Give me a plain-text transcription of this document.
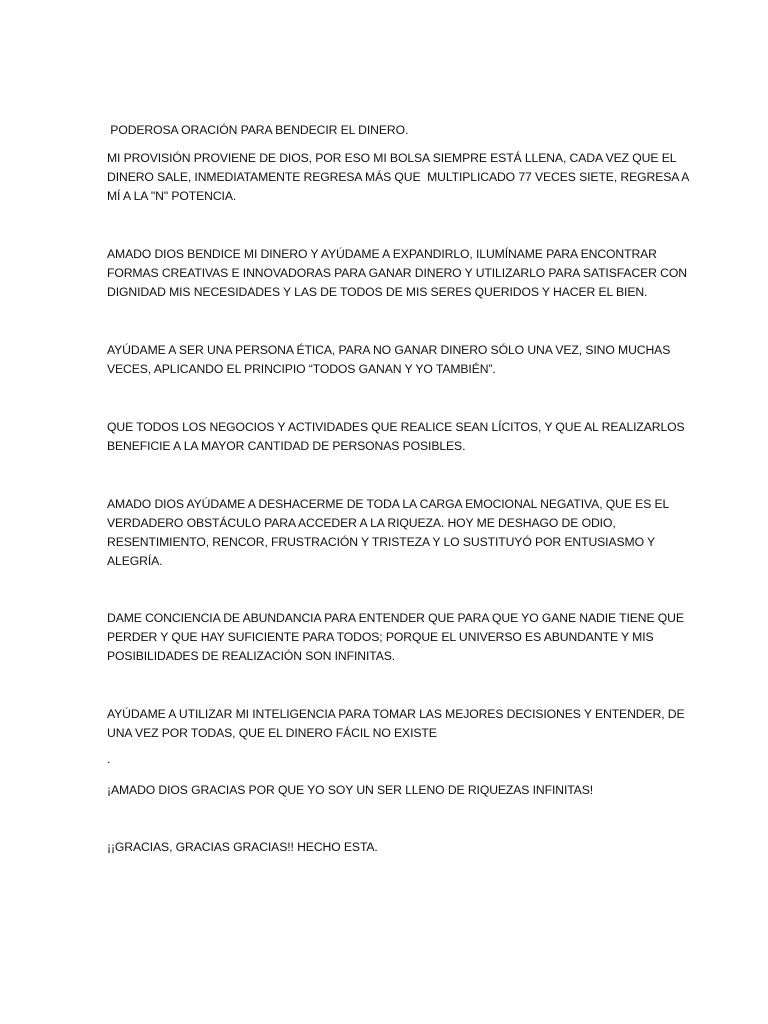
PODEROSA ORACIÓN PARA BENDECIR EL DINERO.

MI PROVISIÓN PROVIENE DE DIOS, POR ESO MI BOLSA SIEMPRE ESTÁ LLENA, CADA VEZ QUE EL
DINERO SALE, INMEDIATAMENTE REGRESA MÁS QUE  MULTIPLICADO 77 VECES SIETE, REGRESA A
MÍ A LA "N" POTENCIA.

AMADO DIOS BENDICE MI DINERO Y AYÚDAME A EXPANDIRLO, ILUMÍNAME PARA ENCONTRAR
FORMAS CREATIVAS E INNOVADORAS PARA GANAR DINERO Y UTILIZARLO PARA SATISFACER CON
DIGNIDAD MIS NECESIDADES Y LAS DE TODOS DE MIS SERES QUERIDOS Y HACER EL BIEN.

AYÚDAME A SER UNA PERSONA ÉTICA, PARA NO GANAR DINERO SÓLO UNA VEZ, SINO MUCHAS
VECES, APLICANDO EL PRINCIPIO “TODOS GANAN Y YO TAMBIÉN”.

QUE TODOS LOS NEGOCIOS Y ACTIVIDADES QUE REALICE SEAN LÍCITOS, Y QUE AL REALIZARLOS
BENEFICIE A LA MAYOR CANTIDAD DE PERSONAS POSIBLES.

AMADO DIOS AYÚDAME A DESHACERME DE TODA LA CARGA EMOCIONAL NEGATIVA, QUE ES EL
VERDADERO OBSTÁCULO PARA ACCEDER A LA RIQUEZA. HOY ME DESHAGO DE ODIO,
RESENTIMIENTO, RENCOR, FRUSTRACIÓN Y TRISTEZA Y LO SUSTITUYÓ POR ENTUSIASMO Y
ALEGRÍA.

DAME CONCIENCIA DE ABUNDANCIA PARA ENTENDER QUE PARA QUE YO GANE NADIE TIENE QUE
PERDER Y QUE HAY SUFICIENTE PARA TODOS; PORQUE EL UNIVERSO ES ABUNDANTE Y MIS
POSIBILIDADES DE REALIZACIÓN SON INFINITAS.

AYÚDAME A UTILIZAR MI INTELIGENCIA PARA TOMAR LAS MEJORES DECISIONES Y ENTENDER, DE
UNA VEZ POR TODAS, QUE EL DINERO FÁCIL NO EXISTE

.

¡AMADO DIOS GRACIAS POR QUE YO SOY UN SER LLENO DE RIQUEZAS INFINITAS!

¡¡GRACIAS, GRACIAS GRACIAS!! HECHO ESTA.
